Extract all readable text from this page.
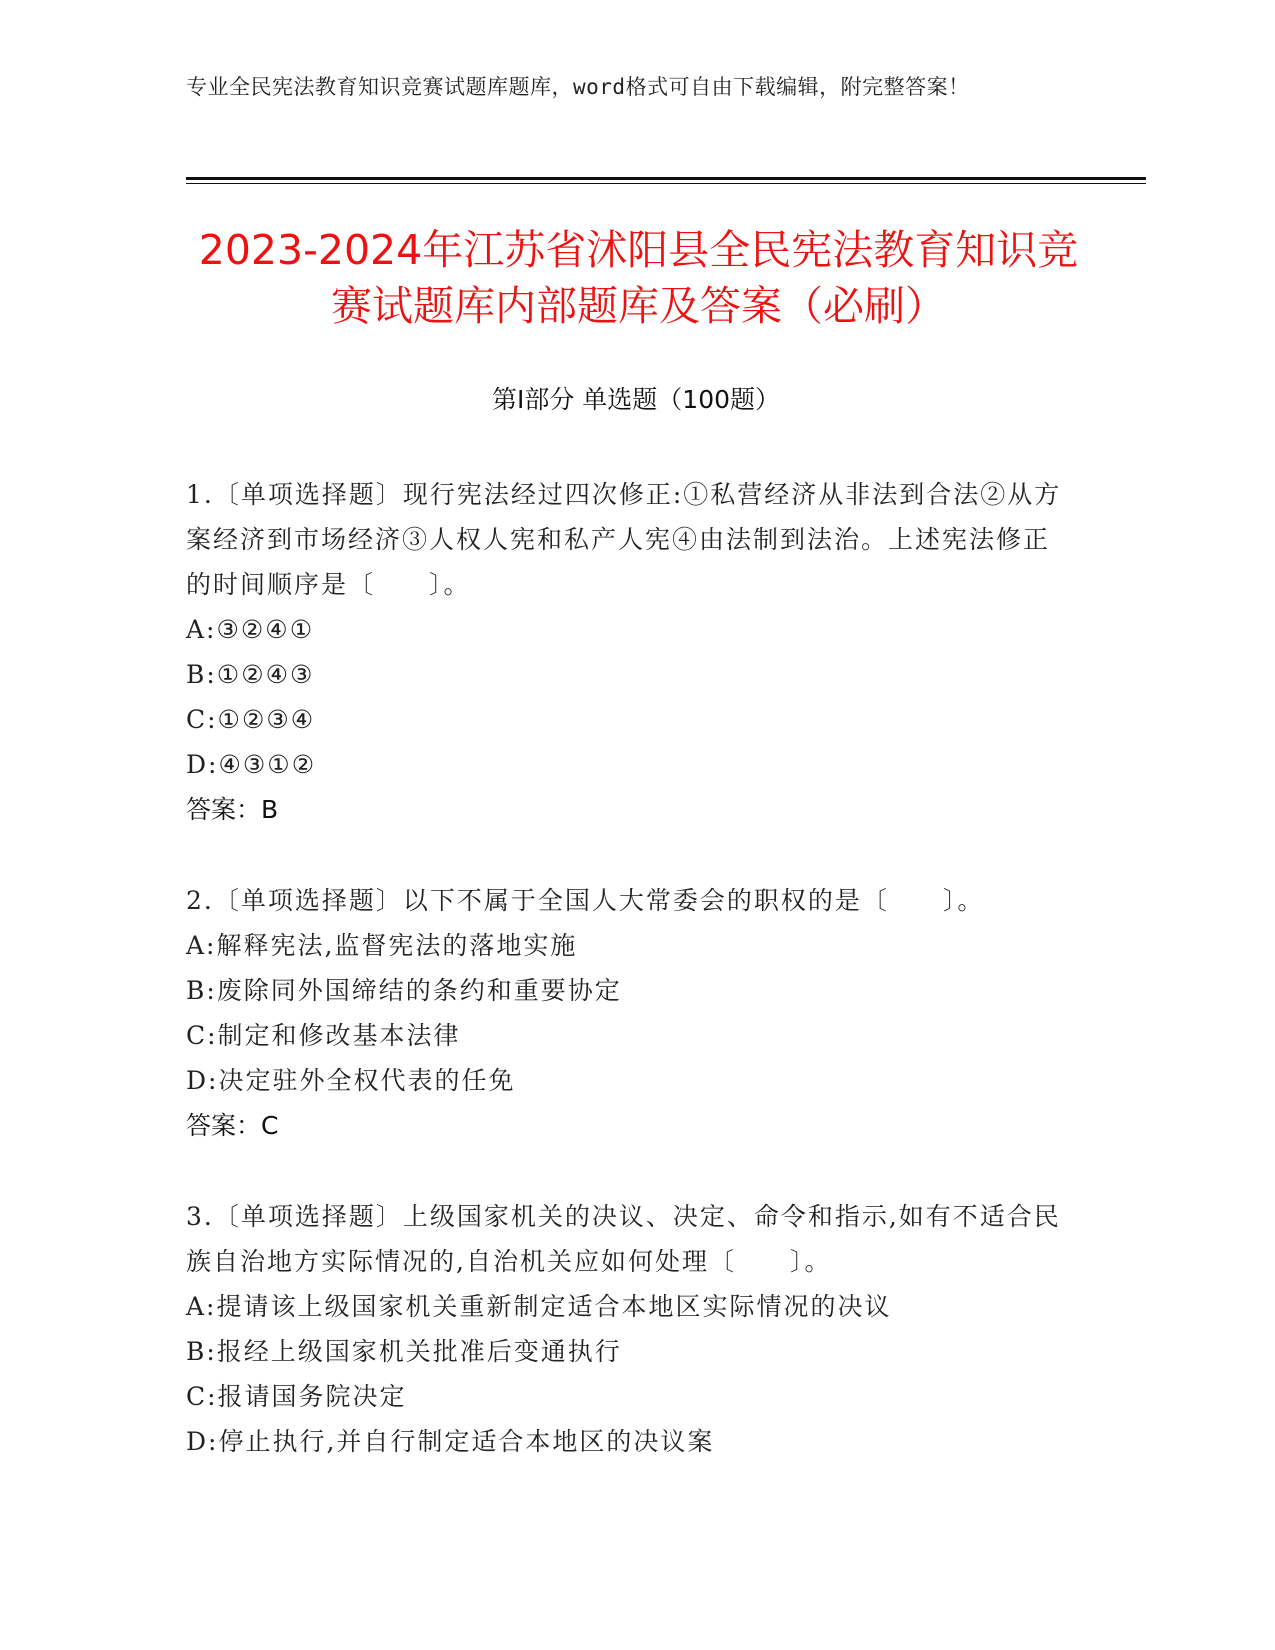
专业全民宪法教育知识竞赛试题库题库，word格式可自由下载编辑，附完整答案！
2023-2024年江苏省沭阳县全民宪法教育知识竞赛试题库内部题库及答案（必刷）
第Ⅰ部分 单选题（100题）
1.〔单项选择题〕现行宪法经过四次修正:①私营经济从非法到合法②从方案经济到市场经济③人权人宪和私产人宪④由法制到法治。上述宪法修正的时间顺序是〔　　〕。
A:③②④①
B:①②④③
C:①②③④
D:④③①②
答案：B
2.〔单项选择题〕以下不属于全国人大常委会的职权的是〔　　〕。
A:解释宪法,监督宪法的落地实施
B:废除同外国缔结的条约和重要协定
C:制定和修改基本法律
D:决定驻外全权代表的任免
答案：C
3.〔单项选择题〕上级国家机关的决议、决定、命令和指示,如有不适合民族自治地方实际情况的,自治机关应如何处理〔　　〕。
A:提请该上级国家机关重新制定适合本地区实际情况的决议
B:报经上级国家机关批准后变通执行
C:报请国务院决定
D:停止执行,并自行制定适合本地区的决议案
